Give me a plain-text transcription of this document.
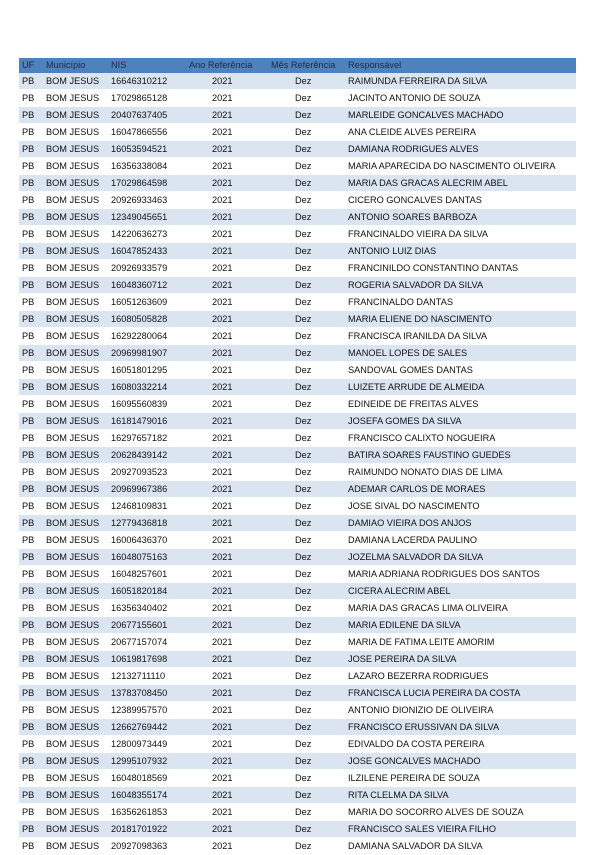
UF	Município	NIS	Ano Referência	Mês Referência	Responsável
PB	BOM JESUS	16646310212	2021	Dez	RAIMUNDA FERREIRA DA SILVA
PB	BOM JESUS	17029865128	2021	Dez	JACINTO ANTONIO DE SOUZA
PB	BOM JESUS	20407637405	2021	Dez	MARLEIDE GONCALVES MACHADO
PB	BOM JESUS	16047866556	2021	Dez	ANA CLEIDE ALVES PEREIRA
PB	BOM JESUS	16053594521	2021	Dez	DAMIANA RODRIGUES ALVES
PB	BOM JESUS	16356338084	2021	Dez	MARIA APARECIDA DO NASCIMENTO OLIVEIRA
PB	BOM JESUS	17029864598	2021	Dez	MARIA DAS GRACAS ALECRIM ABEL
PB	BOM JESUS	20926933463	2021	Dez	CICERO GONCALVES DANTAS
PB	BOM JESUS	12349045651	2021	Dez	ANTONIO SOARES BARBOZA
PB	BOM JESUS	14220636273	2021	Dez	FRANCINALDO VIEIRA DA SILVA
PB	BOM JESUS	16047852433	2021	Dez	ANTONIO LUIZ DIAS
PB	BOM JESUS	20926933579	2021	Dez	FRANCINILDO CONSTANTINO DANTAS
PB	BOM JESUS	16048360712	2021	Dez	ROGERIA SALVADOR DA SILVA
PB	BOM JESUS	16051263609	2021	Dez	FRANCINALDO DANTAS
PB	BOM JESUS	16080505828	2021	Dez	MARIA ELIENE DO NASCIMENTO
PB	BOM JESUS	16292280064	2021	Dez	FRANCISCA IRANILDA DA SILVA
PB	BOM JESUS	20969981907	2021	Dez	MANOEL LOPES DE SALES
PB	BOM JESUS	16051801295	2021	Dez	SANDOVAL GOMES DANTAS
PB	BOM JESUS	16080332214	2021	Dez	LUIZETE ARRUDE DE ALMEIDA
PB	BOM JESUS	16095560839	2021	Dez	EDINEIDE DE FREITAS ALVES
PB	BOM JESUS	16181479016	2021	Dez	JOSEFA GOMES DA SILVA
PB	BOM JESUS	16297657182	2021	Dez	FRANCISCO CALIXTO NOGUEIRA
PB	BOM JESUS	20628439142	2021	Dez	BATIRA SOARES FAUSTINO GUEDES
PB	BOM JESUS	20927093523	2021	Dez	RAIMUNDO NONATO DIAS DE LIMA
PB	BOM JESUS	20969967386	2021	Dez	ADEMAR CARLOS DE MORAES
PB	BOM JESUS	12468109831	2021	Dez	JOSE SIVAL DO NASCIMENTO
PB	BOM JESUS	12779436818	2021	Dez	DAMIAO VIEIRA DOS ANJOS
PB	BOM JESUS	16006436370	2021	Dez	DAMIANA LACERDA PAULINO
PB	BOM JESUS	16048075163	2021	Dez	JOZELMA SALVADOR DA SILVA
PB	BOM JESUS	16048257601	2021	Dez	MARIA ADRIANA RODRIGUES DOS SANTOS
PB	BOM JESUS	16051820184	2021	Dez	CICERA ALECRIM ABEL
PB	BOM JESUS	16356340402	2021	Dez	MARIA DAS GRACAS LIMA OLIVEIRA
PB	BOM JESUS	20677155601	2021	Dez	MARIA EDILENE DA SILVA
PB	BOM JESUS	20677157074	2021	Dez	MARIA DE FATIMA LEITE AMORIM
PB	BOM JESUS	10619817698	2021	Dez	JOSE PEREIRA DA SILVA
PB	BOM JESUS	12132711110	2021	Dez	LAZARO BEZERRA RODRIGUES
PB	BOM JESUS	13783708450	2021	Dez	FRANCISCA LUCIA PEREIRA DA COSTA
PB	BOM JESUS	12389957570	2021	Dez	ANTONIO DIONIZIO DE OLIVEIRA
PB	BOM JESUS	12662769442	2021	Dez	FRANCISCO ERUSSIVAN DA SILVA
PB	BOM JESUS	12800973449	2021	Dez	EDIVALDO DA COSTA PEREIRA
PB	BOM JESUS	12995107932	2021	Dez	JOSE GONCALVES MACHADO
PB	BOM JESUS	16048018569	2021	Dez	ILZILENE PEREIRA DE SOUZA
PB	BOM JESUS	16048355174	2021	Dez	RITA CLELMA DA SILVA
PB	BOM JESUS	16356261853	2021	Dez	MARIA DO SOCORRO ALVES DE SOUZA
PB	BOM JESUS	20181701922	2021	Dez	FRANCISCO SALES VIEIRA FILHO
PB	BOM JESUS	20927098363	2021	Dez	DAMIANA SALVADOR DA SILVA
